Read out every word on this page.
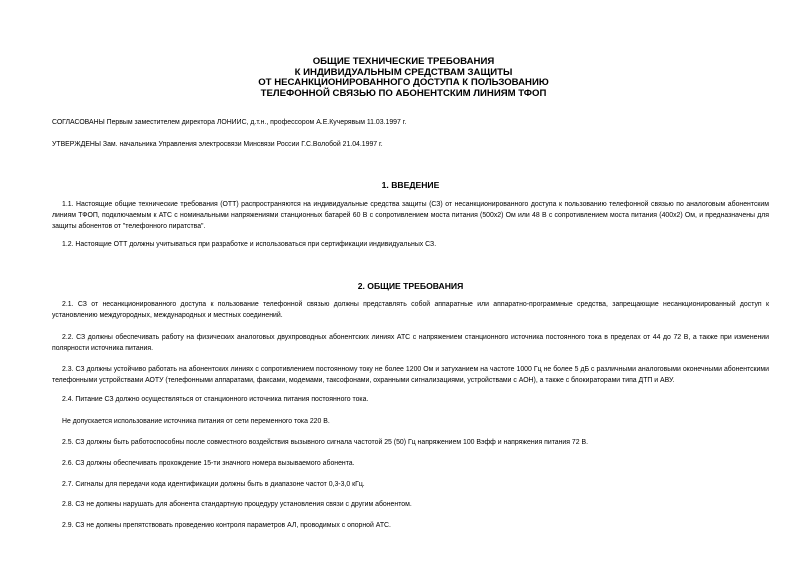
ОБЩИЕ ТЕХНИЧЕСКИЕ ТРЕБОВАНИЯ
К ИНДИВИДУАЛЬНЫМ СРЕДСТВАМ ЗАЩИТЫ
ОТ НЕСАНКЦИОНИРОВАННОГО ДОСТУПА К ПОЛЬЗОВАНИЮ
ТЕЛЕФОННОЙ СВЯЗЬЮ ПО АБОНЕНТСКИМ ЛИНИЯМ ТФОП
СОГЛАСОВАНЫ Первым заместителем директора ЛОНИИС, д.т.н., профессором А.Е.Кучерявым 11.03.1997 г.
УТВЕРЖДЕНЫ Зам. начальника Управления электросвязи Минсвязи России Г.С.Волобой 21.04.1997 г.
1. ВВЕДЕНИЕ
1.1. Настоящие общие технические требования (ОТТ) распространяются на индивидуальные средства защиты (СЗ) от несанкционированного доступа к пользованию телефонной связью по аналоговым абонентским линиям ТФОП, подключаемым к АТС с номинальными напряжениями станционных батарей 60 В с сопротивлением моста питания (500х2) Ом или 48 В с сопротивлением моста питания (400х2) Ом, и предназначены для защиты абонентов от "телефонного пиратства".
1.2. Настоящие ОТТ должны учитываться при разработке и использоваться при сертификации индивидуальных СЗ.
2. ОБЩИЕ ТРЕБОВАНИЯ
2.1. СЗ от несанкционированного доступа к пользование телефонной связью должны представлять собой аппаратные или аппаратно-программные средства, запрещающие несанкционированный доступ к установлению междугородных, международных и местных соединений.
2.2. СЗ должны обеспечивать работу на физических аналоговых двухпроводных абонентских линиях АТС с напряжением станционного источника постоянного тока в пределах от 44 до 72 В, а также при изменении полярности источника питания.
2.3. СЗ должны устойчиво работать на абонентских линиях с сопротивлением постоянному току не более 1200 Ом и затуханием на частоте 1000 Гц не более 5 дБ с различными аналоговыми оконечными абонентскими телефонными устройствами АОТУ (телефонными аппаратами, факсами, модемами, таксофонами, охранными сигнализациями, устройствами с АОН), а также с блокираторами типа ДТП и АВУ.
2.4. Питание СЗ должно осуществляться от станционного источника питания постоянного тока.
Не допускается использование источника питания от сети переменного тока 220 В.
2.5. СЗ должны быть работоспособны после совместного воздействия вызывного сигнала частотой 25 (50) Гц напряжением 100 Вэфф и напряжения питания 72 В.
2.6. СЗ должны обеспечивать прохождение 15-ти значного номера вызываемого абонента.
2.7. Сигналы для передачи кода идентификации должны быть в диапазоне частот 0,3-3,0 кГц.
2.8. СЗ не должны нарушать для абонента стандартную процедуру установления связи с другим абонентом.
2.9. СЗ не должны препятствовать проведению контроля параметров АЛ, проводимых с опорной АТС.
